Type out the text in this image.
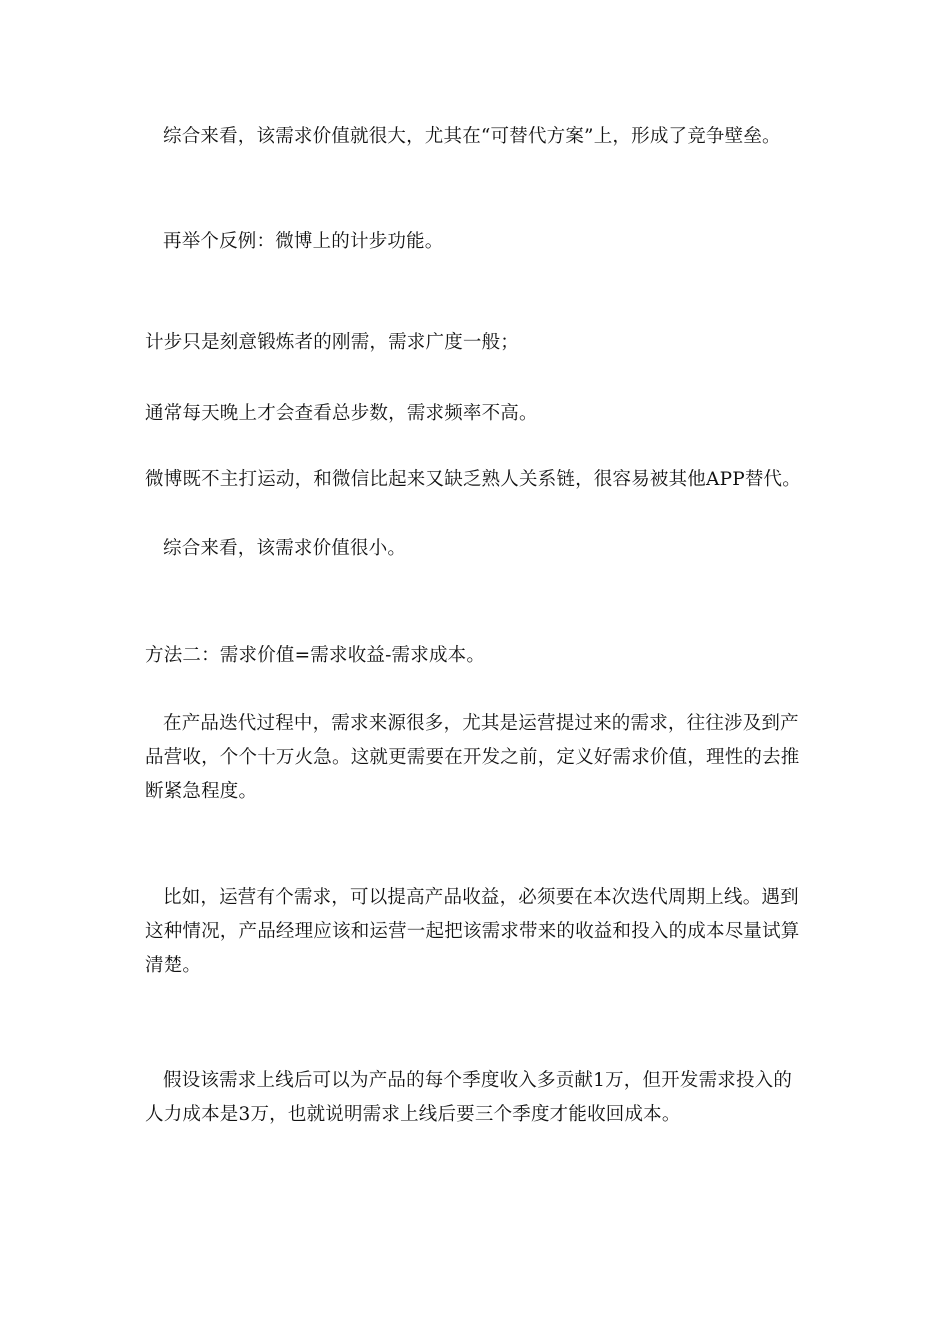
综合来看，该需求价值就很大，尤其在“可替代方案”上，形成了竞争壁垒。

再举个反例：微博上的计步功能。

计步只是刻意锻炼者的刚需，需求广度一般；

通常每天晚上才会查看总步数，需求频率不高。

微博既不主打运动，和微信比起来又缺乏熟人关系链，很容易被其他APP替代。

综合来看，该需求价值很小。

方法二：需求价值=需求收益-需求成本。

在产品迭代过程中，需求来源很多，尤其是运营提过来的需求，往往涉及到产品营收，个个十万火急。这就更需要在开发之前，定义好需求价值，理性的去推断紧急程度。

比如，运营有个需求，可以提高产品收益，必须要在本次迭代周期上线。遇到这种情况，产品经理应该和运营一起把该需求带来的收益和投入的成本尽量试算清楚。

假设该需求上线后可以为产品的每个季度收入多贡献1万，但开发需求投入的人力成本是3万，也就说明需求上线后要三个季度才能收回成本。
